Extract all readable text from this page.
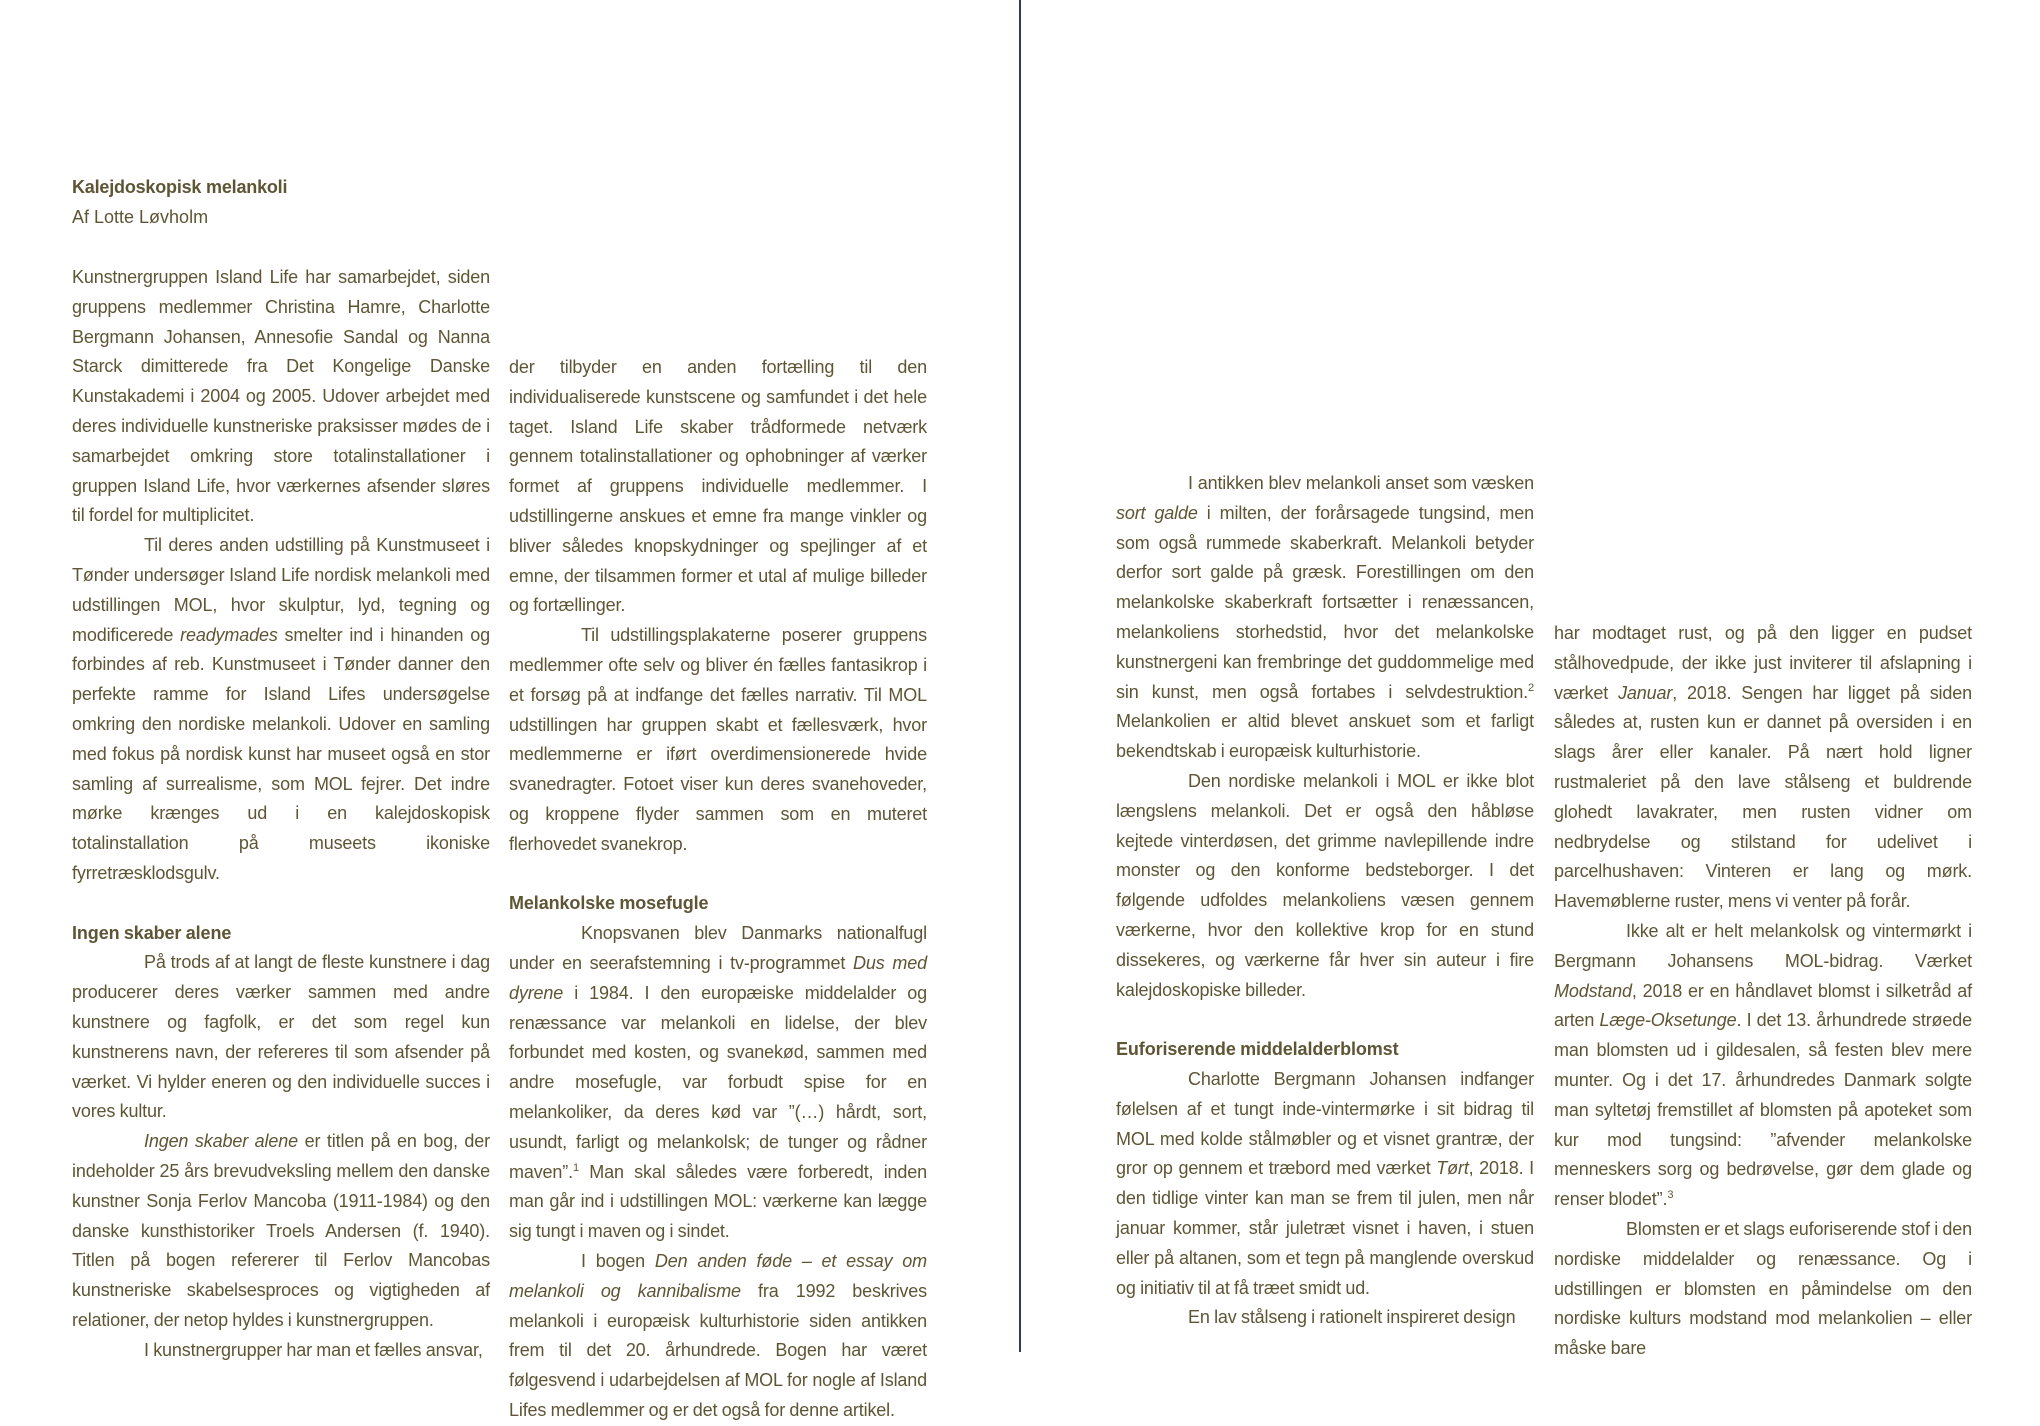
Kalejdoskopisk melankoli
Af Lotte Løvholm

Kunstnergruppen Island Life har samarbejdet, siden gruppens medlemmer Christina Hamre, Charlotte Bergmann Johansen, Annesofie Sandal og Nanna Starck dimitterede fra Det Kongelige Danske Kunstakademi i 2004 og 2005. Udover arbejdet med deres individuelle kunstneriske praksisser mødes de i samarbejdet omkring store totalinstallationer i gruppen Island Life, hvor værkernes afsender sløres til fordel for multiplicitet.

Til deres anden udstilling på Kunstmuseet i Tønder undersøger Island Life nordisk melankoli med udstillingen MOL, hvor skulptur, lyd, tegning og modificerede readymades smelter ind i hinanden og forbindes af reb. Kunstmuseet i Tønder danner den perfekte ramme for Island Lifes undersøgelse omkring den nordiske melankoli. Udover en samling med fokus på nordisk kunst har museet også en stor samling af surrealisme, som MOL fejrer. Det indre mørke krænges ud i en kalejdoskopisk totalinstallation på museets ikoniske fyrretræsklodsgulv.

Ingen skaber alene

På trods af at langt de fleste kunstnere i dag producerer deres værker sammen med andre kunstnere og fagfolk, er det som regel kun kunstnerens navn, der refereres til som afsender på værket. Vi hylder eneren og den individuelle succes i vores kultur.

Ingen skaber alene er titlen på en bog, der indeholder 25 års brevudveksling mellem den danske kunstner Sonja Ferlov Mancoba (1911-1984) og den danske kunsthistoriker Troels Andersen (f. 1940). Titlen på bogen refererer til Ferlov Mancobas kunstneriske skabelsesproces og vigtigheden af relationer, der netop hyldes i kunstnergruppen.

I kunstnergrupper har man et fælles ansvar,

der tilbyder en anden fortælling til den individualiserede kunstscene og samfundet i det hele taget. Island Life skaber trådformede netværk gennem totalinstallationer og ophobninger af værker formet af gruppens individuelle medlemmer. I udstillingerne anskues et emne fra mange vinkler og bliver således knopskydninger og spejlinger af et emne, der tilsammen former et utal af mulige billeder og fortællinger.

Til udstillingsplakaterne poserer gruppens medlemmer ofte selv og bliver én fælles fantasikrop i et forsøg på at indfange det fælles narrativ. Til MOL udstillingen har gruppen skabt et fællesværk, hvor medlemmerne er iført overdimensionerede hvide svanedragter. Fotoet viser kun deres svanehoveder, og kroppene flyder sammen som en muteret flerhovedet svanekrop.

Melankolske mosefugle

Knopsvanen blev Danmarks nationalfugl under en seerafstemning i tv-programmet Dus med dyrene i 1984. I den europæiske middelalder og renæssance var melankoli en lidelse, der blev forbundet med kosten, og svanekød, sammen med andre mosefugle, var forbudt spise for en melankoliker, da deres kød var ”(…) hårdt, sort, usundt, farligt og melankolsk; de tunger og rådner maven”.$^1$ Man skal således være forberedt, inden man går ind i udstillingen MOL: værkerne kan lægge sig tungt i maven og i sindet.

I bogen Den anden føde – et essay om melankoli og kannibalisme fra 1992 beskrives melankoli i europæisk kulturhistorie siden antikken frem til det 20. århundrede. Bogen har været følgesvend i udarbejdelsen af MOL for nogle af Island Lifes medlemmer og er det også for denne artikel.

I antikken blev melankoli anset som væsken sort galde i milten, der forårsagede tungsind, men som også rummede skaberkraft. Melankoli betyder derfor sort galde på græsk. Forestillingen om den melankolske skaberkraft fortsætter i renæssancen, melankoliens storhedstid, hvor det melankolske kunstnergeni kan frembringe det guddommelige med sin kunst, men også fortabes i selvdestruktion.$^2$ Melankolien er altid blevet anskuet som et farligt bekendtskab i europæisk kulturhistorie.

Den nordiske melankoli i MOL er ikke blot længslens melankoli. Det er også den håbløse kejtede vinterdøsen, det grimme navlepillende indre monster og den konforme bedsteborger. I det følgende udfoldes melankoliens væsen gennem værkerne, hvor den kollektive krop for en stund dissekeres, og værkerne får hver sin auteur i fire kalejdoskopiske billeder.

Euforiserende middelalderblomst

Charlotte Bergmann Johansen indfanger følelsen af et tungt inde-vintermørke i sit bidrag til MOL med kolde stålmøbler og et visnet grantræ, der gror op gennem et træbord med værket Tørt, 2018. I den tidlige vinter kan man se frem til julen, men når januar kommer, står juletræt visnet i haven, i stuen eller på altanen, som et tegn på manglende overskud og initiativ til at få træet smidt ud.

En lav stålseng i rationelt inspireret design

har modtaget rust, og på den ligger en pudset stålhovedpude, der ikke just inviterer til afslapning i værket Januar, 2018. Sengen har ligget på siden således at, rusten kun er dannet på oversiden i en slags årer eller kanaler. På nært hold ligner rustmaleriet på den lave stålseng et buldrende glohedt lavakrater, men rusten vidner om nedbrydelse og stilstand for udelivet i parcelhushaven: Vinteren er lang og mørk. Havemøblerne ruster, mens vi venter på forår.

Ikke alt er helt melankolsk og vintermørkt i Bergmann Johansens MOL-bidrag. Værket Modstand, 2018 er en håndlavet blomst i silketråd af arten Læge-Oksetunge. I det 13. århundrede strøede man blomsten ud i gildesalen, så festen blev mere munter. Og i det 17. århundredes Danmark solgte man syltetøj fremstillet af blomsten på apoteket som kur mod tungsind: ”afvender melankolske menneskers sorg og bedrøvelse, gør dem glade og renser blodet”.$^3$

Blomsten er et slags euforiserende stof i den nordiske middelalder og renæssance. Og i udstillingen er blomsten en påmindelse om den nordiske kulturs modstand mod melankolien – eller måske bare
